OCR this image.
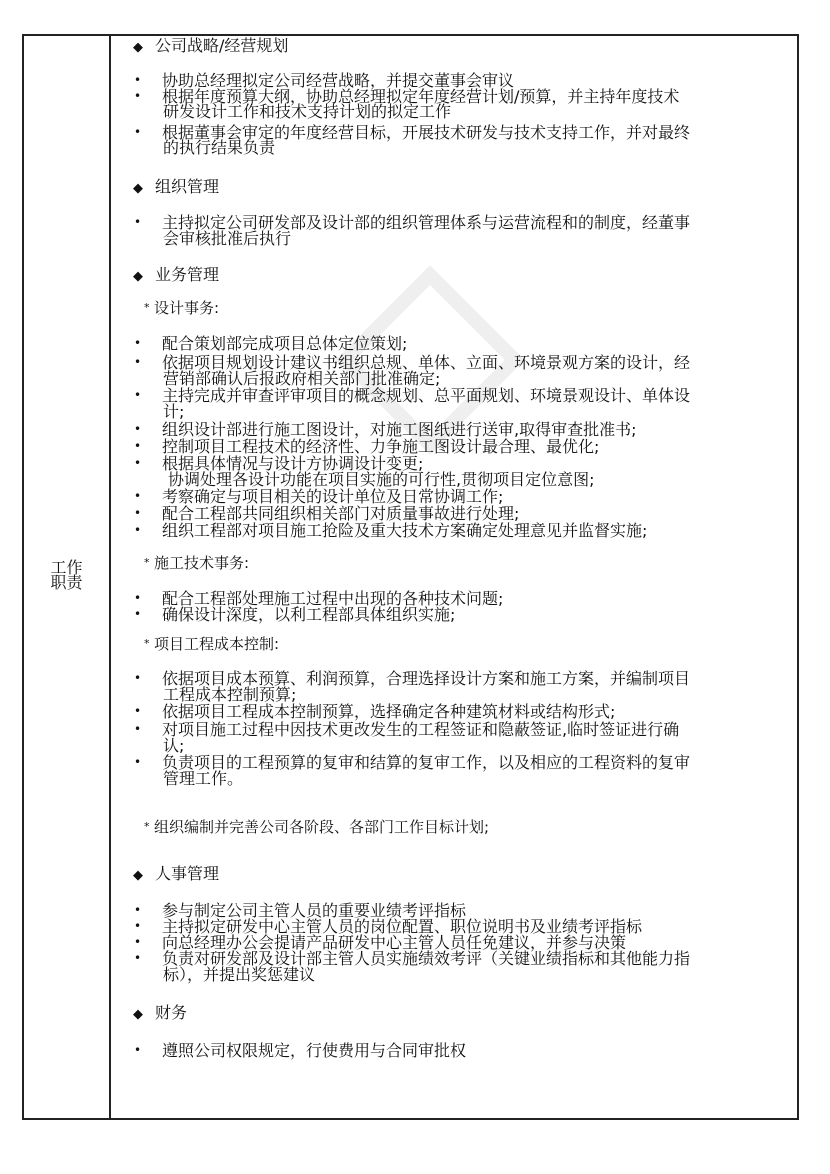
工作
职责
◆ 公司战略/经营规划
• 协助总经理拟定公司经营战略，并提交董事会审议
• 根据年度预算大纲，协助总经理拟定年度经营计划/预算，并主持年度技术
研发设计工作和技术支持计划的拟定工作
• 根据董事会审定的年度经营目标，开展技术研发与技术支持工作，并对最终
的执行结果负责
◆ 组织管理
• 主持拟定公司研发部及设计部的组织管理体系与运营流程和的制度，经董事
会审核批准后执行
◆ 业务管理
* 设计事务:
• 配合策划部完成项目总体定位策划;
• 依据项目规划设计建议书组织总规、单体、立面、环境景观方案的设计，经
营销部确认后报政府相关部门批准确定;
• 主持完成并审查评审项目的概念规划、总平面规划、环境景观设计、单体设
计;
• 组织设计部进行施工图设计，对施工图纸进行送审,取得审查批准书;
• 控制项目工程技术的经济性、力争施工图设计最合理、最优化;
• 根据具体情况与设计方协调设计变更;
协调处理各设计功能在项目实施的可行性,贯彻项目定位意图;
• 考察确定与项目相关的设计单位及日常协调工作;
• 配合工程部共同组织相关部门对质量事故进行处理;
• 组织工程部对项目施工抢险及重大技术方案确定处理意见并监督实施;
* 施工技术事务:
• 配合工程部处理施工过程中出现的各种技术问题;
• 确保设计深度，以利工程部具体组织实施;
* 项目工程成本控制:
• 依据项目成本预算、利润预算，合理选择设计方案和施工方案，并编制项目
工程成本控制预算;
• 依据项目工程成本控制预算，选择确定各种建筑材料或结构形式;
• 对项目施工过程中因技术更改发生的工程签证和隐蔽签证,临时签证进行确
认;
• 负责项目的工程预算的复审和结算的复审工作，以及相应的工程资料的复审
管理工作。
* 组织编制并完善公司各阶段、各部门工作目标计划;
◆ 人事管理
• 参与制定公司主管人员的重要业绩考评指标
• 主持拟定研发中心主管人员的岗位配置、职位说明书及业绩考评指标
• 向总经理办公会提请产品研发中心主管人员任免建议，并参与决策
• 负责对研发部及设计部主管人员实施绩效考评（关键业绩指标和其他能力指
标），并提出奖惩建议
◆ 财务
• 遵照公司权限规定，行使费用与合同审批权
